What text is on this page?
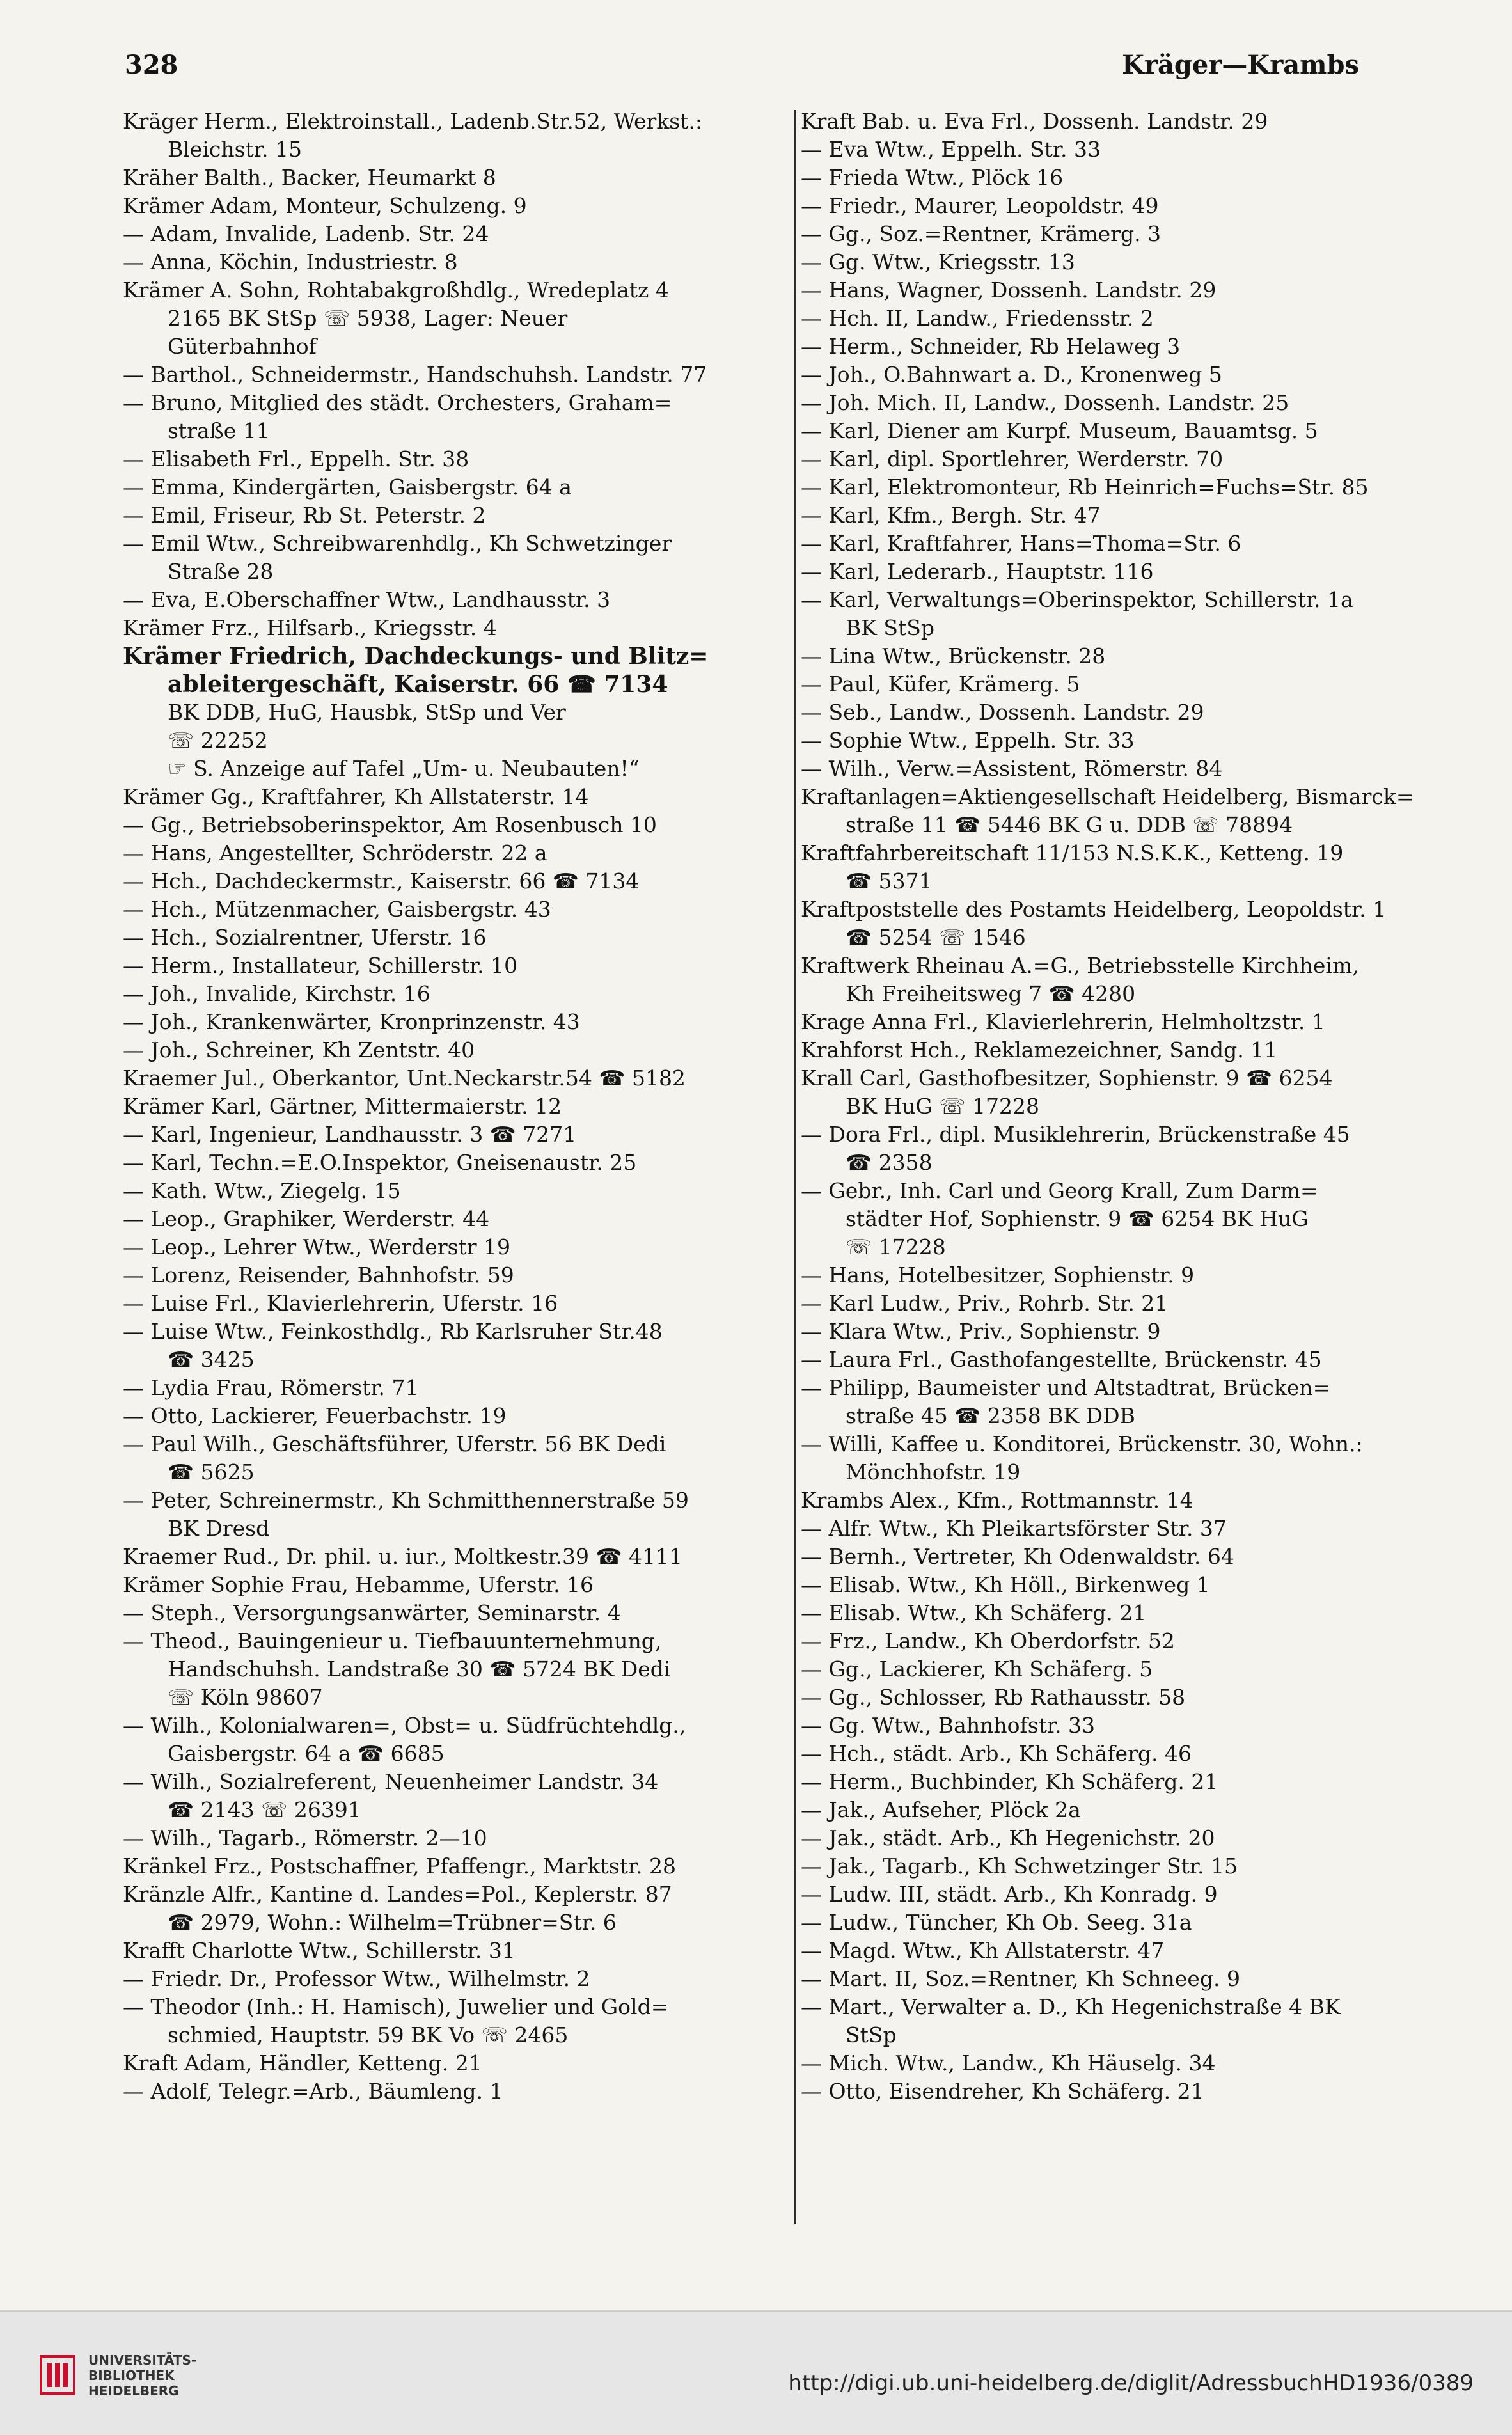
328	Kräger—Krambs
Kräger Herm., Elektroinstall., Ladenb.Str.52, Werkst.:
Bleichstr. 15
Kräher Balth., Backer, Heumarkt 8
Krämer Adam, Monteur, Schulzeng. 9
— Adam, Invalide, Ladenb. Str. 24
— Anna, Köchin, Industriestr. 8
Krämer A. Sohn, Rohtabakgroßhdlg., Wredeplatz 4
2165 BK StSp ☏ 5938, Lager: Neuer
Güterbahnhof
— Barthol., Schneidermstr., Handschuhsh. Landstr. 77
— Bruno, Mitglied des städt. Orchesters, Graham=
straße 11
— Elisabeth Frl., Eppelh. Str. 38
— Emma, Kindergärten, Gaisbergstr. 64 a
— Emil, Friseur, Rb St. Peterstr. 2
— Emil Wtw., Schreibwarenhdlg., Kh Schwetzinger
Straße 28
— Eva, E.Oberschaffner Wtw., Landhausstr. 3
Krämer Frz., Hilfsarb., Kriegsstr. 4
Krämer Friedrich, Dachdeckungs- und Blitz=
ableitergeschäft, Kaiserstr. 66 ☎ 7134
BK DDB, HuG, Hausbk, StSp und Ver
☏ 22252
☞ S. Anzeige auf Tafel „Um- u. Neubauten!“
Krämer Gg., Kraftfahrer, Kh Allstaterstr. 14
— Gg., Betriebsoberinspektor, Am Rosenbusch 10
— Hans, Angestellter, Schröderstr. 22 a
— Hch., Dachdeckermstr., Kaiserstr. 66 ☎ 7134
— Hch., Mützenmacher, Gaisbergstr. 43
— Hch., Sozialrentner, Uferstr. 16
— Herm., Installateur, Schillerstr. 10
— Joh., Invalide, Kirchstr. 16
— Joh., Krankenwärter, Kronprinzenstr. 43
— Joh., Schreiner, Kh Zentstr. 40
Kraemer Jul., Oberkantor, Unt.Neckarstr.54 ☎ 5182
Krämer Karl, Gärtner, Mittermaierstr. 12
— Karl, Ingenieur, Landhausstr. 3 ☎ 7271
— Karl, Techn.=E.O.Inspektor, Gneisenaustr. 25
— Kath. Wtw., Ziegelg. 15
— Leop., Graphiker, Werderstr. 44
— Leop., Lehrer Wtw., Werderstr 19
— Lorenz, Reisender, Bahnhofstr. 59
— Luise Frl., Klavierlehrerin, Uferstr. 16
— Luise Wtw., Feinkosthdlg., Rb Karlsruher Str.48
☎ 3425
— Lydia Frau, Römerstr. 71
— Otto, Lackierer, Feuerbachstr. 19
— Paul Wilh., Geschäftsführer, Uferstr. 56 BK Dedi
☎ 5625
— Peter, Schreinermstr., Kh Schmitthennerstraße 59
BK Dresd
Kraemer Rud., Dr. phil. u. iur., Moltkestr.39 ☎ 4111
Krämer Sophie Frau, Hebamme, Uferstr. 16
— Steph., Versorgungsanwärter, Seminarstr. 4
— Theod., Bauingenieur u. Tiefbauunternehmung,
Handschuhsh. Landstraße 30 ☎ 5724 BK Dedi
☏ Köln 98607
— Wilh., Kolonialwaren=, Obst= u. Südfrüchtehdlg.,
Gaisbergstr. 64 a ☎ 6685
— Wilh., Sozialreferent, Neuenheimer Landstr. 34
☎ 2143 ☏ 26391
— Wilh., Tagarb., Römerstr. 2—10
Kränkel Frz., Postschaffner, Pfaffengr., Marktstr. 28
Kränzle Alfr., Kantine d. Landes=Pol., Keplerstr. 87
☎ 2979, Wohn.: Wilhelm=Trübner=Str. 6
Krafft Charlotte Wtw., Schillerstr. 31
— Friedr. Dr., Professor Wtw., Wilhelmstr. 2
— Theodor (Inh.: H. Hamisch), Juwelier und Gold=
schmied, Hauptstr. 59 BK Vo ☏ 2465
Kraft Adam, Händler, Ketteng. 21
— Adolf, Telegr.=Arb., Bäumleng. 1
Kraft Bab. u. Eva Frl., Dossenh. Landstr. 29
— Eva Wtw., Eppelh. Str. 33
— Frieda Wtw., Plöck 16
— Friedr., Maurer, Leopoldstr. 49
— Gg., Soz.=Rentner, Krämerg. 3
— Gg. Wtw., Kriegsstr. 13
— Hans, Wagner, Dossenh. Landstr. 29
— Hch. II, Landw., Friedensstr. 2
— Herm., Schneider, Rb Helaweg 3
— Joh., O.Bahnwart a. D., Kronenweg 5
— Joh. Mich. II, Landw., Dossenh. Landstr. 25
— Karl, Diener am Kurpf. Museum, Bauamtsg. 5
— Karl, dipl. Sportlehrer, Werderstr. 70
— Karl, Elektromonteur, Rb Heinrich=Fuchs=Str. 85
— Karl, Kfm., Bergh. Str. 47
— Karl, Kraftfahrer, Hans=Thoma=Str. 6
— Karl, Lederarb., Hauptstr. 116
— Karl, Verwaltungs=Oberinspektor, Schillerstr. 1a
BK StSp
— Lina Wtw., Brückenstr. 28
— Paul, Küfer, Krämerg. 5
— Seb., Landw., Dossenh. Landstr. 29
— Sophie Wtw., Eppelh. Str. 33
— Wilh., Verw.=Assistent, Römerstr. 84
Kraftanlagen=Aktiengesellschaft Heidelberg, Bismarck=
straße 11 ☎ 5446 BK G u. DDB ☏ 78894
Kraftfahrbereitschaft 11/153 N.S.K.K., Ketteng. 19
☎ 5371
Kraftpoststelle des Postamts Heidelberg, Leopoldstr. 1
☎ 5254 ☏ 1546
Kraftwerk Rheinau A.=G., Betriebsstelle Kirchheim,
Kh Freiheitsweg 7 ☎ 4280
Krage Anna Frl., Klavierlehrerin, Helmholtzstr. 1
Krahforst Hch., Reklamezeichner, Sandg. 11
Krall Carl, Gasthofbesitzer, Sophienstr. 9 ☎ 6254
BK HuG ☏ 17228
— Dora Frl., dipl. Musiklehrerin, Brückenstraße 45
☎ 2358
— Gebr., Inh. Carl und Georg Krall, Zum Darm=
städter Hof, Sophienstr. 9 ☎ 6254 BK HuG
☏ 17228
— Hans, Hotelbesitzer, Sophienstr. 9
— Karl Ludw., Priv., Rohrb. Str. 21
— Klara Wtw., Priv., Sophienstr. 9
— Laura Frl., Gasthofangestellte, Brückenstr. 45
— Philipp, Baumeister und Altstadtrat, Brücken=
straße 45 ☎ 2358 BK DDB
— Willi, Kaffee u. Konditorei, Brückenstr. 30, Wohn.:
Mönchhofstr. 19
Krambs Alex., Kfm., Rottmannstr. 14
— Alfr. Wtw., Kh Pleikartsförster Str. 37
— Bernh., Vertreter, Kh Odenwaldstr. 64
— Elisab. Wtw., Kh Höll., Birkenweg 1
— Elisab. Wtw., Kh Schäferg. 21
— Frz., Landw., Kh Oberdorfstr. 52
— Gg., Lackierer, Kh Schäferg. 5
— Gg., Schlosser, Rb Rathausstr. 58
— Gg. Wtw., Bahnhofstr. 33
— Hch., städt. Arb., Kh Schäferg. 46
— Herm., Buchbinder, Kh Schäferg. 21
— Jak., Aufseher, Plöck 2a
— Jak., städt. Arb., Kh Hegenichstr. 20
— Jak., Tagarb., Kh Schwetzinger Str. 15
— Ludw. III, städt. Arb., Kh Konradg. 9
— Ludw., Tüncher, Kh Ob. Seeg. 31a
— Magd. Wtw., Kh Allstaterstr. 47
— Mart. II, Soz.=Rentner, Kh Schneeg. 9
— Mart., Verwalter a. D., Kh Hegenichstraße 4 BK
StSp
— Mich. Wtw., Landw., Kh Häuselg. 34
— Otto, Eisendreher, Kh Schäferg. 21
UNIVERSITÄTS-
BIBLIOTHEK
HEIDELBERG	http://digi.ub.uni-heidelberg.de/diglit/AdressbuchHD1936/0389
